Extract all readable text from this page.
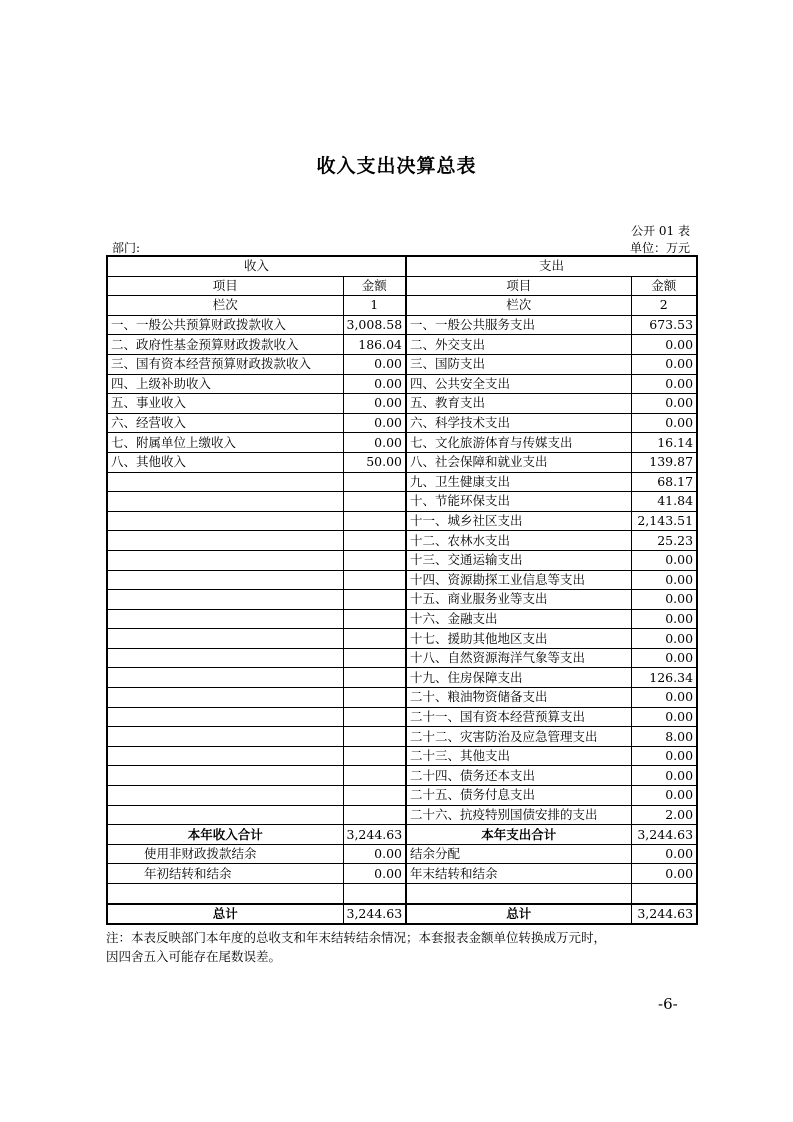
收入支出决算总表
公开 01 表
部门:	单位：万元
收入		支出	
项目	金额	项目	金额
栏次	1	栏次	2
一、一般公共预算财政拨款收入	3,008.58	一、一般公共服务支出	673.53
二、政府性基金预算财政拨款收入	186.04	二、外交支出	0.00
三、国有资本经营预算财政拨款收入	0.00	三、国防支出	0.00
四、上级补助收入	0.00	四、公共安全支出	0.00
五、事业收入	0.00	五、教育支出	0.00
六、经营收入	0.00	六、科学技术支出	0.00
七、附属单位上缴收入	0.00	七、文化旅游体育与传媒支出	16.14
八、其他收入	50.00	八、社会保障和就业支出	139.87
		九、卫生健康支出	68.17
		十、节能环保支出	41.84
		十一、城乡社区支出	2,143.51
		十二、农林水支出	25.23
		十三、交通运输支出	0.00
		十四、资源勘探工业信息等支出	0.00
		十五、商业服务业等支出	0.00
		十六、金融支出	0.00
		十七、援助其他地区支出	0.00
		十八、自然资源海洋气象等支出	0.00
		十九、住房保障支出	126.34
		二十、粮油物资储备支出	0.00
		二十一、国有资本经营预算支出	0.00
		二十二、灾害防治及应急管理支出	8.00
		二十三、其他支出	0.00
		二十四、债务还本支出	0.00
		二十五、债务付息支出	0.00
		二十六、抗疫特别国债安排的支出	2.00
本年收入合计	3,244.63	本年支出合计	3,244.63
使用非财政拨款结余	0.00	结余分配	0.00
年初结转和结余	0.00	年末结转和结余	0.00

总计	3,244.63	总计	3,244.63
注：本表反映部门本年度的总收支和年末结转结余情况；本套报表金额单位转换成万元时，
因四舍五入可能存在尾数误差。
-6-
